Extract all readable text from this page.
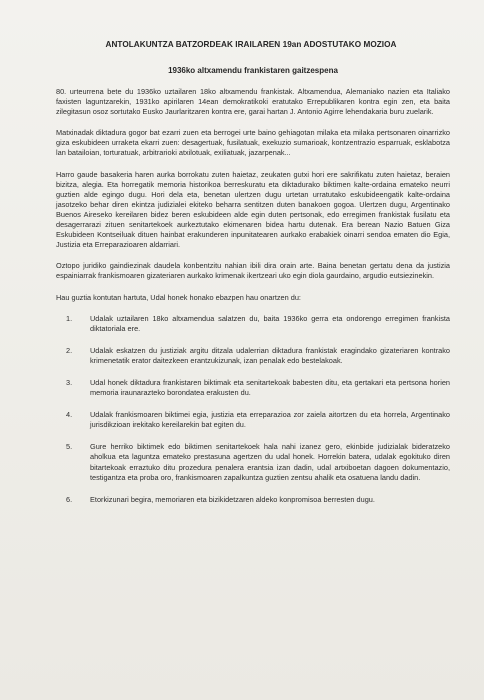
ANTOLAKUNTZA BATZORDEAK IRAILAREN 19an ADOSTUTAKO MOZIOA
1936ko altxamendu frankistaren gaitzespena

80. urteurrena bete du 1936ko uztailaren 18ko altxamendu frankistak. Altxamendua, Alemaniako nazien eta Italiako faxisten laguntzarekin, 1931ko apirilaren 14ean demokratikoki eratutako Errepublikaren kontra egin zen, eta baita zilegitasun osoz sortutako Eusko Jaurlaritzaren kontra ere, garai hartan J. Antonio Agirre lehendakaria buru zuelarik.

Matxinadak diktadura gogor bat ezarri zuen eta berrogei urte baino gehiagotan milaka eta milaka pertsonaren oinarrizko giza eskubideen urraketa ekarri zuen: desagertuak, fusilatuak, exekuzio sumarioak, kontzentrazio esparruak, esklabotza lan batailoian, torturatuak, arbitrarioki atxilotuak, exiliatuak, jazarpenak...

Harro gaude basakeria haren aurka borrokatu zuten haietaz, zeukaten gutxi hori ere sakrifikatu zuten haietaz, beraien bizitza, alegia. Eta horregatik memoria historikoa berreskuratu eta diktadurako biktimen kalte-ordaina emateko neurri guztien alde egingo dugu. Hori dela eta, benetan ulertzen dugu urtetan urratutako eskubideengatik kalte-ordaina jasotzeko behar diren ekintza judizialei ekiteko beharra sentitzen duten banakoen gogoa. Ulertzen dugu, Argentinako Buenos Aireseko kereilaren bidez beren eskubideen alde egin duten pertsonak, edo erregimen frankistak fusilatu eta desagerrarazi zituen senitartekoek aurkeztutako ekimenaren bidea hartu dutenak. Era berean Nazio Batuen Giza Eskubideen Kontseiluak dituen hainbat erakunderen inpunitatearen aurkako erabakiek oinarri sendoa ematen dio Egia, Justizia eta Erreparazioaren aldarriari.

Oztopo juridiko gaindiezinak daudela konbentzitu nahian ibili dira orain arte. Baina benetan gertatu dena da justizia espainiarrak frankismoaren gizateriaren aurkako krimenak ikertzeari uko egin diola gaurdaino, argudio eutsiezinekin.

Hau guztia kontutan hartuta, Udal honek honako ebazpen hau onartzen du:

1.	Udalak uztailaren 18ko altxamendua salatzen du, baita 1936ko gerra eta ondorengo erregimen frankista diktatoriala ere.
2.	Udalak eskatzen du justiziak argitu ditzala udalerrian diktadura frankistak eragindako gizateriaren kontrako krimenetatik erator daitezkeen erantzukizunak, izan penalak edo bestelakoak.
3.	Udal honek diktadura frankistaren biktimak eta senitartekoak babesten ditu, eta gertakari eta pertsona horien memoria iraunarazteko borondatea erakusten du.
4.	Udalak frankismoaren biktimei egia, justizia eta erreparazioa zor zaiela aitortzen du eta horrela, Argentinako jurisdikzioan irekitako kereilarekin bat egiten du.
5.	Gure herriko biktimek edo biktimen senitartekoek hala nahi izanez gero, ekinbide judizialak bideratzeko aholkua eta laguntza emateko prestasuna agertzen du udal honek. Horrekin batera, udalak egokituko diren bitartekoak erraztuko ditu prozedura penalera erantsia izan dadin, udal artxiboetan dagoen dokumentazio, testigantza eta proba oro, frankismoaren zapalkuntza guztien zentsu ahalik eta osatuena landu dadin.
6.	Etorkizunari begira, memoriaren eta bizikidetzaren aldeko konpromisoa berresten dugu.
